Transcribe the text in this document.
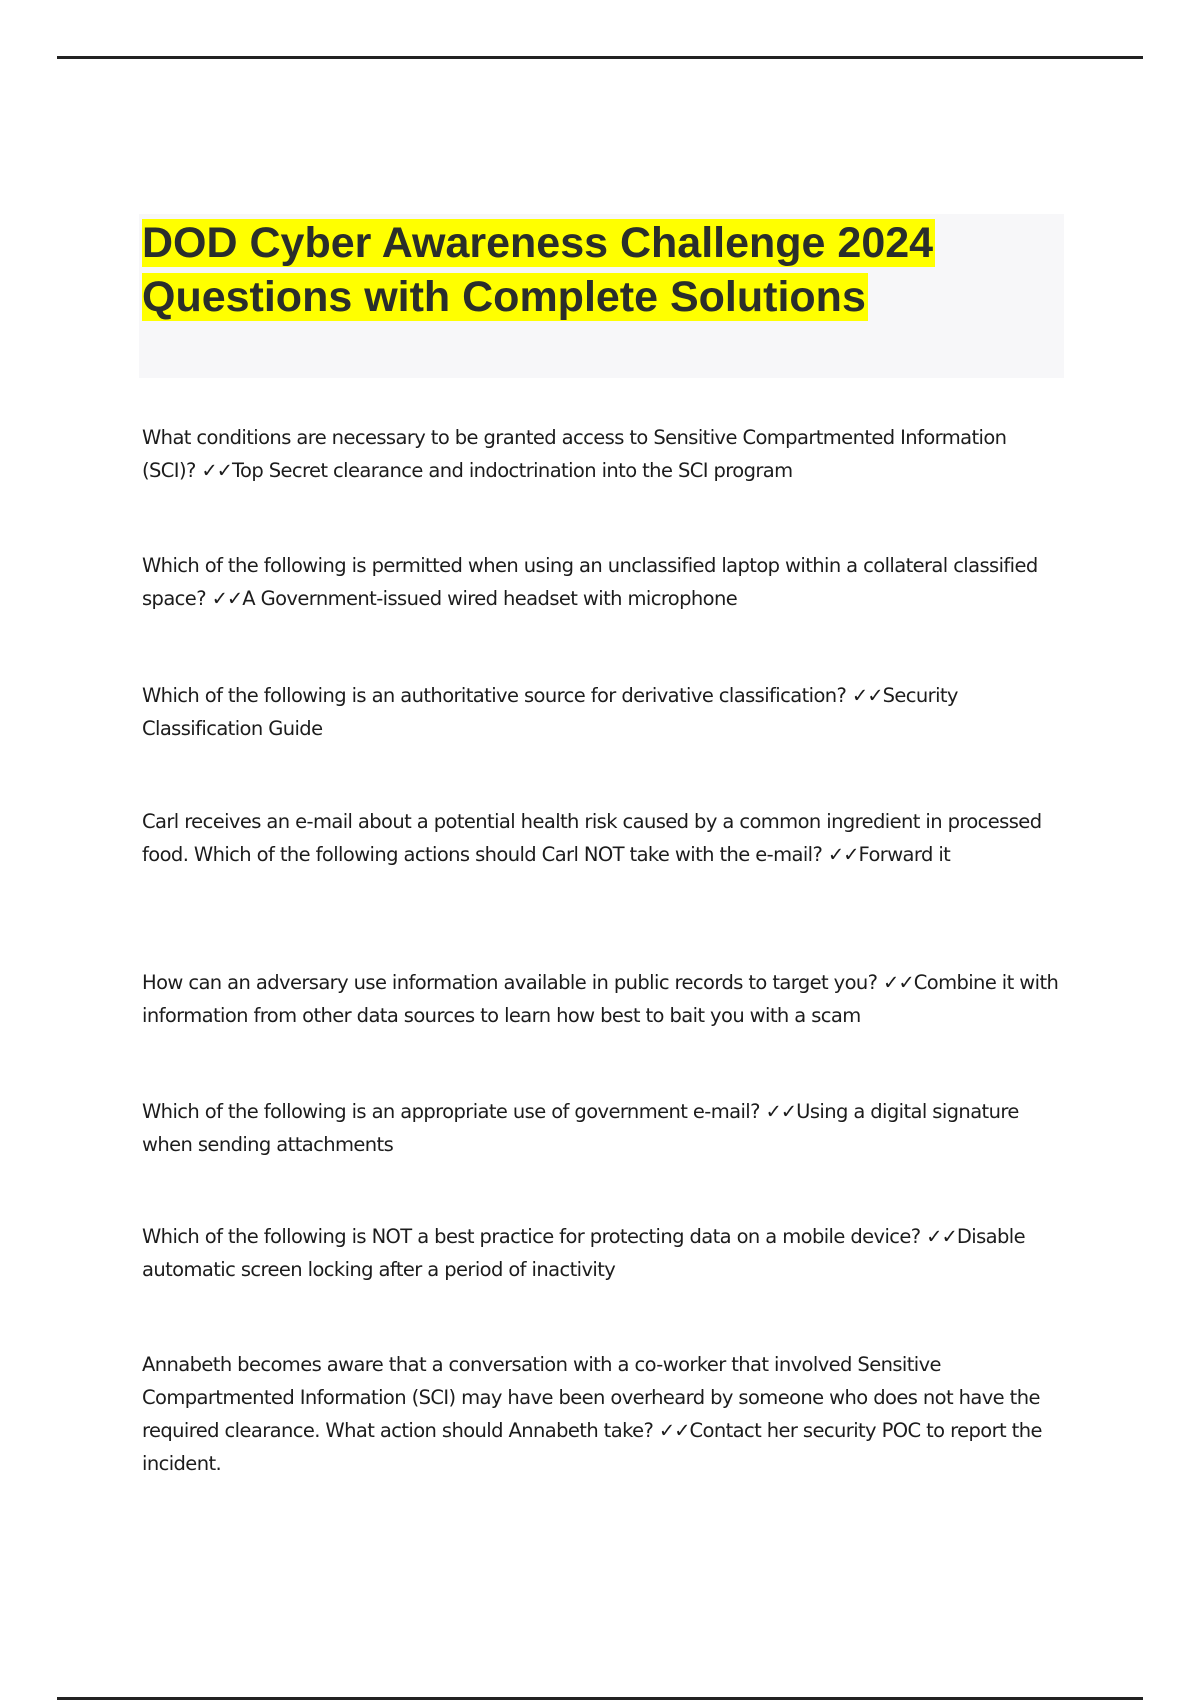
DOD Cyber Awareness Challenge 2024
Questions with Complete Solutions

What conditions are necessary to be granted access to Sensitive Compartmented Information (SCI)? ✓✓Top Secret clearance and indoctrination into the SCI program

Which of the following is permitted when using an unclassified laptop within a collateral classified space? ✓✓A Government-issued wired headset with microphone

Which of the following is an authoritative source for derivative classification? ✓✓Security Classification Guide

Carl receives an e-mail about a potential health risk caused by a common ingredient in processed food. Which of the following actions should Carl NOT take with the e-mail? ✓✓Forward it

How can an adversary use information available in public records to target you? ✓✓Combine it with information from other data sources to learn how best to bait you with a scam

Which of the following is an appropriate use of government e-mail? ✓✓Using a digital signature when sending attachments

Which of the following is NOT a best practice for protecting data on a mobile device? ✓✓Disable automatic screen locking after a period of inactivity

Annabeth becomes aware that a conversation with a co-worker that involved Sensitive Compartmented Information (SCI) may have been overheard by someone who does not have the required clearance. What action should Annabeth take? ✓✓Contact her security POC to report the incident.
